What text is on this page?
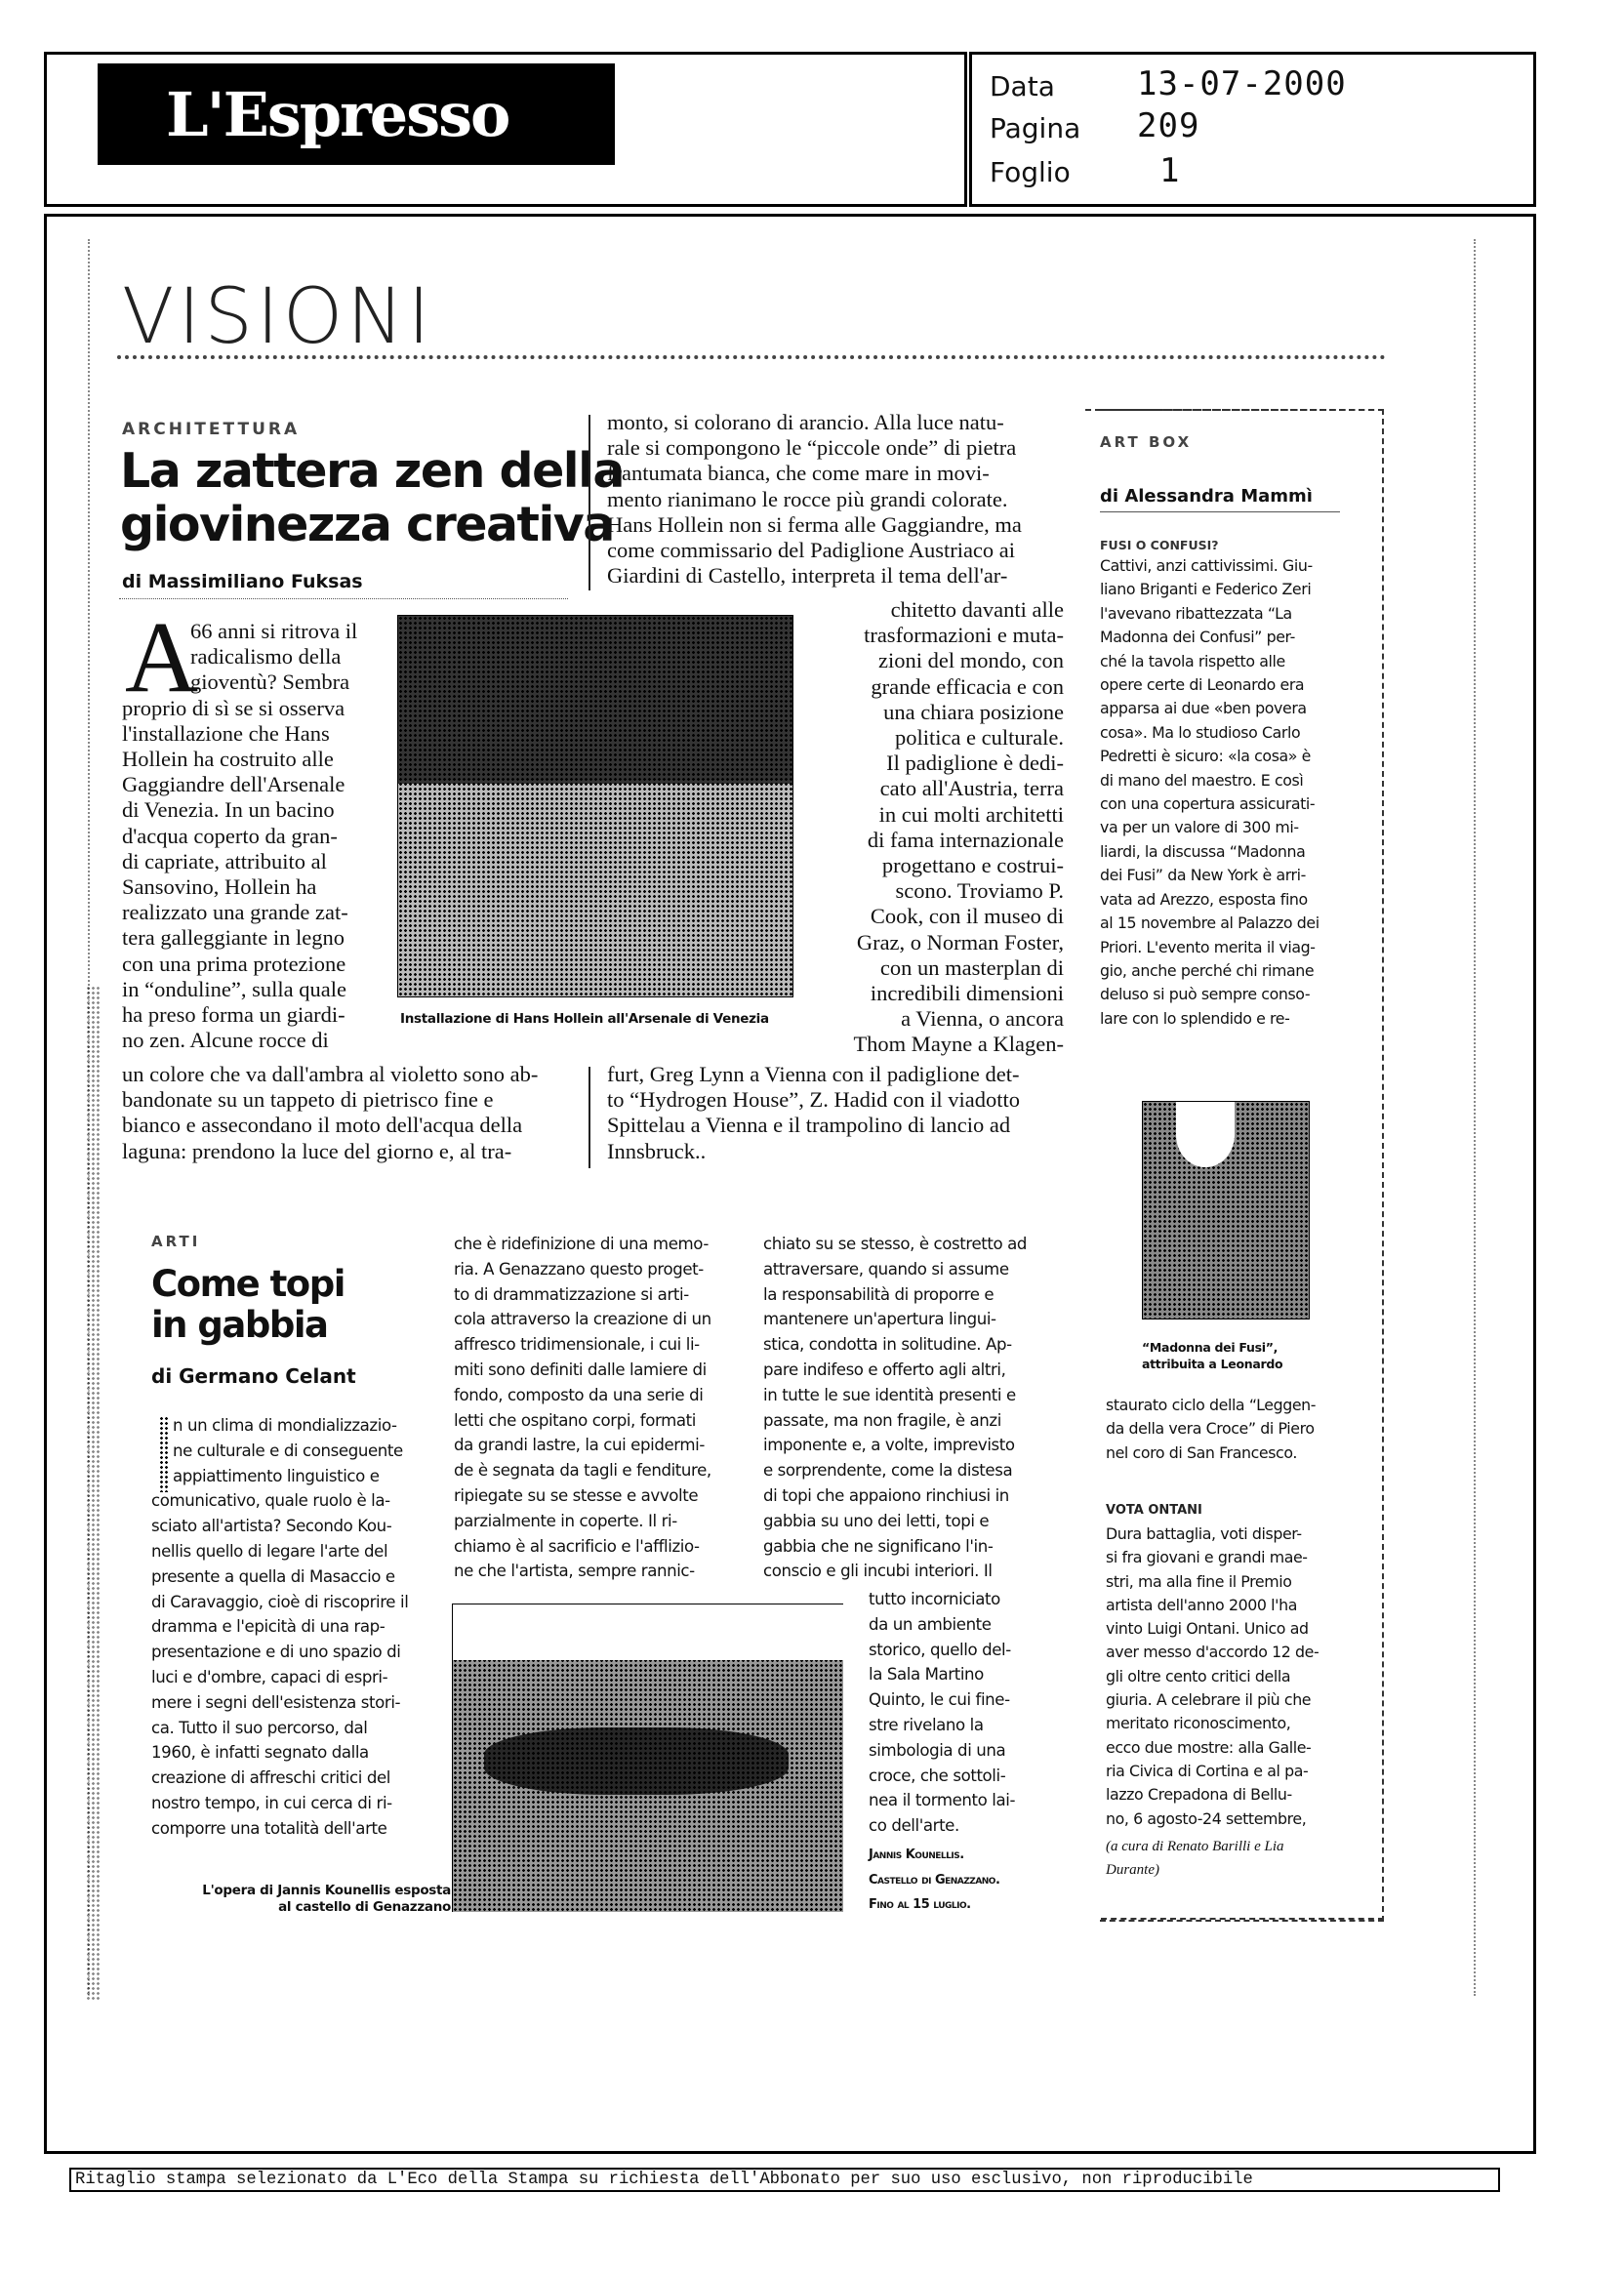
L'Espresso	Data 13-07-2000
Pagina 209
Foglio	1
VISIONI
ARCHITETTURA
La zattera zen della
giovinezza creativa
di Massimiliano Fuksas
A
66 anni si ritrova il
radicalismo della
gioventù? Sembra
proprio di sì se si osserva
l'installazione che Hans
Hollein ha costruito alle
Gaggiandre dell'Arsenale
di Venezia. In un bacino
d'acqua coperto da gran-
di capriate, attribuito al
Sansovino, Hollein ha
realizzato una grande zat-
tera galleggiante in legno
con una prima protezione
in “onduline”, sulla quale
ha preso forma un giardi-
no zen. Alcune rocce di
un colore che va dall'ambra al violetto sono ab-
bandonate su un tappeto di pietrisco fine e
bianco e assecondano il moto dell'acqua della
laguna: prendono la luce del giorno e, al tra-
monto, si colorano di arancio. Alla luce natu-
rale si compongono le “piccole onde” di pietra
frantumata bianca, che come mare in movi-
mento rianimano le rocce più grandi colorate.
Hans Hollein non si ferma alle Gaggiandre, ma
come commissario del Padiglione Austriaco ai
Giardini di Castello, interpreta il tema dell'ar-
chitetto davanti alle
trasformazioni e muta-
zioni del mondo, con
grande efficacia e con
una chiara posizione
politica e culturale.
Il padiglione è dedi-
cato all'Austria, terra
in cui molti architetti
di fama internazionale
progettano e costrui-
scono. Troviamo P.
Cook, con il museo di
Graz, o Norman Foster,
con un masterplan di
incredibili dimensioni
a Vienna, o ancora
Thom Mayne a Klagen-
furt, Greg Lynn a Vienna con il padiglione det-
to “Hydrogen House”, Z. Hadid con il viadotto
Spittelau a Vienna e il trampolino di lancio ad
Innsbruck..
Installazione di Hans Hollein all'Arsenale di Venezia
ARTI
Come topi
in gabbia
di Germano Celant
n un clima di mondializzazio-
ne culturale e di conseguente
appiattimento linguistico e
comunicativo, quale ruolo è la-
sciato all'artista? Secondo Kou-
nellis quello di legare l'arte del
presente a quella di Masaccio e
di Caravaggio, cioè di riscoprire il
dramma e l'epicità di una rap-
presentazione e di uno spazio di
luci e d'ombre, capaci di espri-
mere i segni dell'esistenza stori-
ca. Tutto il suo percorso, dal
1960, è infatti segnato dalla
creazione di affreschi critici del
nostro tempo, in cui cerca di ri-
comporre una totalità dell'arte
che è ridefinizione di una memo-
ria. A Genazzano questo proget-
to di drammatizzazione si arti-
cola attraverso la creazione di un
affresco tridimensionale, i cui li-
miti sono definiti dalle lamiere di
fondo, composto da una serie di
letti che ospitano corpi, formati
da grandi lastre, la cui epidermi-
de è segnata da tagli e fenditure,
ripiegate su se stesse e avvolte
parzialmente in coperte. Il ri-
chiamo è al sacrificio e l'afflizio-
ne che l'artista, sempre rannic-
chiato su se stesso, è costretto ad
attraversare, quando si assume
la responsabilità di proporre e
mantenere un'apertura lingui-
stica, condotta in solitudine. Ap-
pare indifeso e offerto agli altri,
in tutte le sue identità presenti e
passate, ma non fragile, è anzi
imponente e, a volte, imprevisto
e sorprendente, come la distesa
di topi che appaiono rinchiusi in
gabbia su uno dei letti, topi e
gabbia che ne significano l'in-
conscio e gli incubi interiori. Il
tutto incorniciato
da un ambiente
storico, quello del-
la Sala Martino
Quinto, le cui fine-
stre rivelano la
simbologia di una
croce, che sottoli-
nea il tormento lai-
co dell'arte.
Jannis Kounellis.
Castello di Genazzano.
Fino al 15 luglio.
L'opera di Jannis Kounellis esposta
al castello di Genazzano
ART BOX
di Alessandra Mammì
FUSI O CONFUSI?
Cattivi, anzi cattivissimi. Giu-
liano Briganti e Federico Zeri
l'avevano ribattezzata “La
Madonna dei Confusi” per-
ché la tavola rispetto alle
opere certe di Leonardo era
apparsa ai due «ben povera
cosa». Ma lo studioso Carlo
Pedretti è sicuro: «la cosa» è
di mano del maestro. E così
con una copertura assicurati-
va per un valore di 300 mi-
liardi, la discussa “Madonna
dei Fusi” da New York è arri-
vata ad Arezzo, esposta fino
al 15 novembre al Palazzo dei
Priori. L'evento merita il viag-
gio, anche perché chi rimane
deluso si può sempre conso-
lare con lo splendido e re-
“Madonna dei Fusi”,
attribuita a Leonardo
staurato ciclo della “Leggen-
da della vera Croce” di Piero
nel coro di San Francesco.
VOTA ONTANI
Dura battaglia, voti disper-
si fra giovani e grandi mae-
stri, ma alla fine il Premio
artista dell'anno 2000 l'ha
vinto Luigi Ontani. Unico ad
aver messo d'accordo 12 de-
gli oltre cento critici della
giuria. A celebrare il più che
meritato riconoscimento,
ecco due mostre: alla Galle-
ria Civica di Cortina e al pa-
lazzo Crepadona di Bellu-
no, 6 agosto-24 settembre,
(a cura di Renato Barilli e Lia
Durante)
Ritaglio stampa selezionato da L'Eco della Stampa su richiesta dell'Abbonato per suo uso esclusivo, non riproducibile
